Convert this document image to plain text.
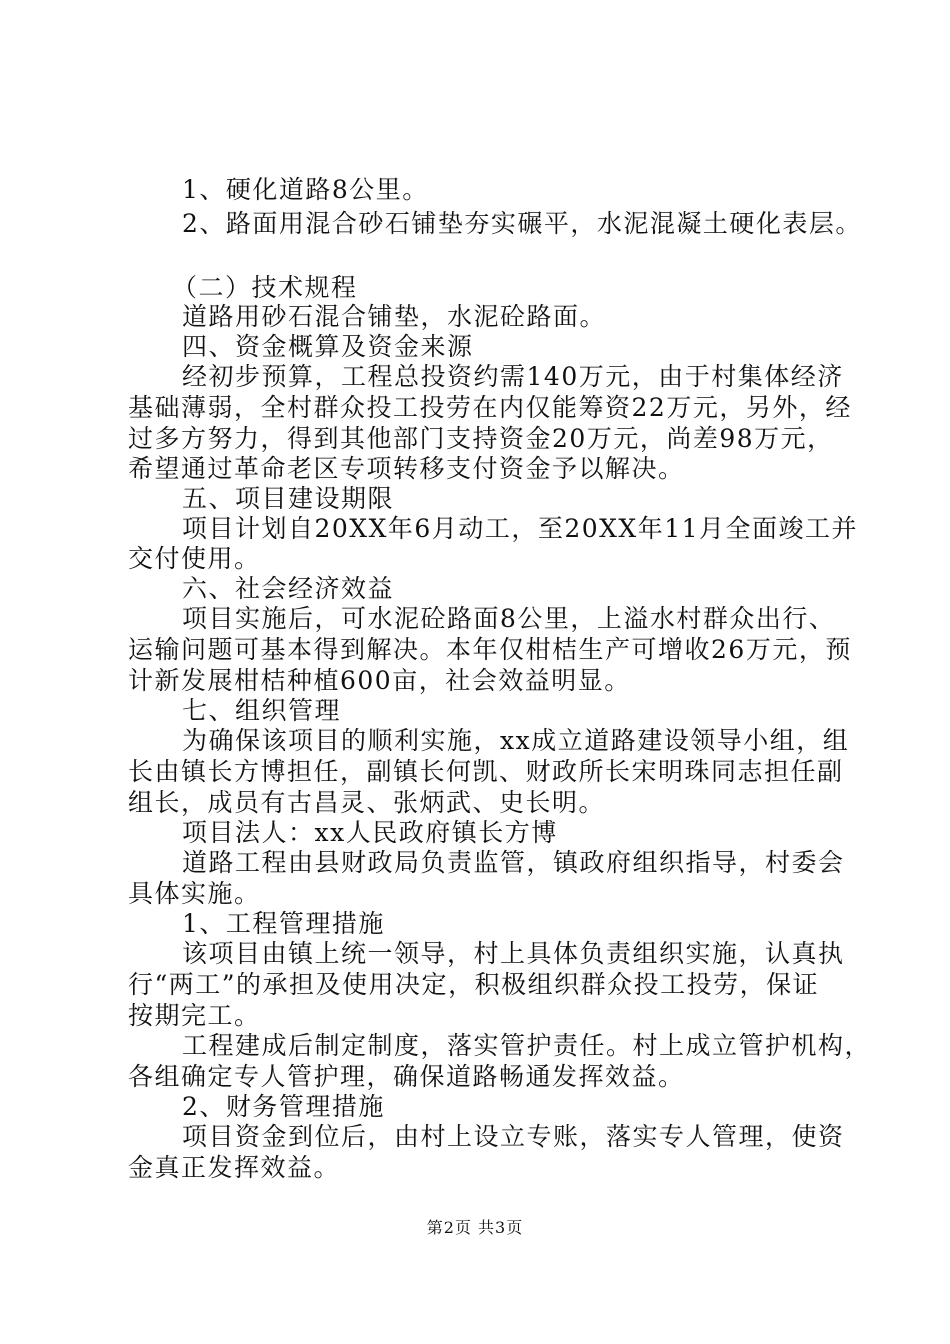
1、硬化道路8公里。
2、路面用混合砂石铺垫夯实碾平，水泥混凝土硬化表层。
（二）技术规程
道路用砂石混合铺垫，水泥砼路面。
四、资金概算及资金来源
经初步预算，工程总投资约需140万元，由于村集体经济
基础薄弱，全村群众投工投劳在内仅能筹资22万元，另外，经
过多方努力，得到其他部门支持资金20万元，尚差98万元，
希望通过革命老区专项转移支付资金予以解决。
五、项目建设期限
项目计划自20XX年6月动工，至20XX年11月全面竣工并
交付使用。
六、社会经济效益
项目实施后，可水泥砼路面8公里，上溢水村群众出行、
运输问题可基本得到解决。本年仅柑桔生产可增收26万元，预
计新发展柑桔种植600亩，社会效益明显。
七、组织管理
为确保该项目的顺利实施，xx成立道路建设领导小组，组
长由镇长方博担任，副镇长何凯、财政所长宋明珠同志担任副
组长，成员有古昌灵、张炳武、史长明。
项目法人：xx人民政府镇长方博
道路工程由县财政局负责监管，镇政府组织指导，村委会
具体实施。
1、工程管理措施
该项目由镇上统一领导，村上具体负责组织实施，认真执
行“两工”的承担及使用决定，积极组织群众投工投劳，保证
按期完工。
工程建成后制定制度，落实管护责任。村上成立管护机构，
各组确定专人管护理，确保道路畅通发挥效益。
2、财务管理措施
项目资金到位后，由村上设立专账，落实专人管理，使资
金真正发挥效益。
第2页 共3页
